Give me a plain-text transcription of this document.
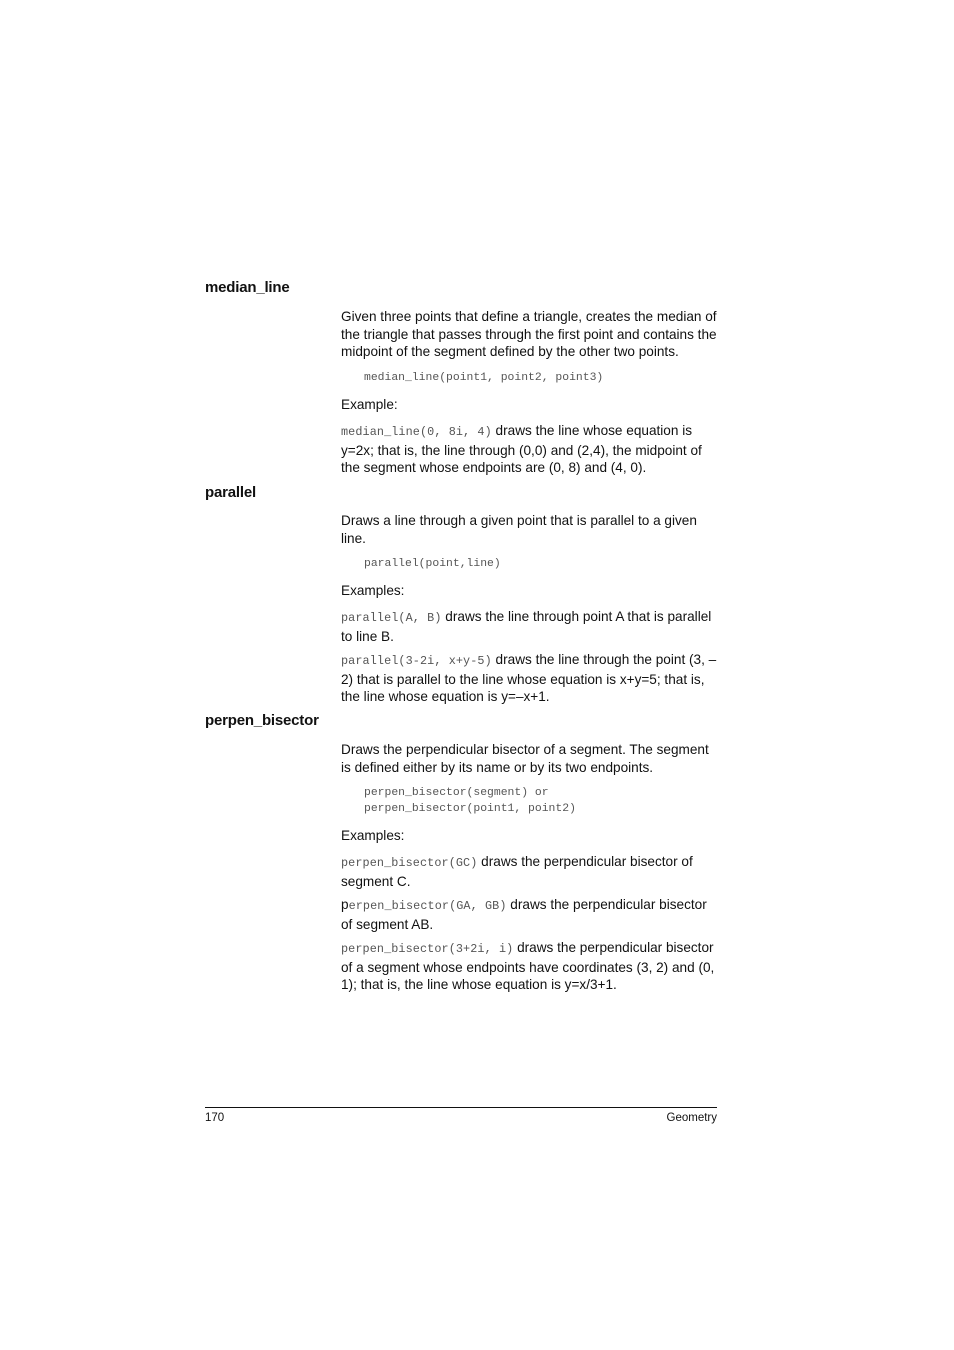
median_line

Given three points that define a triangle, creates the median of the triangle that passes through the first point and contains the midpoint of the segment defined by the other two points.

median_line(point1, point2, point3)

Example:

median_line(0, 8i, 4) draws the line whose equation is y=2x; that is, the line through (0,0) and (2,4), the midpoint of the segment whose endpoints are (0, 8) and (4, 0).

parallel

Draws a line through a given point that is parallel to a given line.

parallel(point,line)

Examples:

parallel(A, B) draws the line through point A that is parallel to line B.

parallel(3-2i, x+y-5) draws the line through the point (3, –2) that is parallel to the line whose equation is x+y=5; that is, the line whose equation is y=–x+1.

perpen_bisector

Draws the perpendicular bisector of a segment. The segment is defined either by its name or by its two endpoints.

perpen_bisector(segment) or

perpen_bisector(point1, point2)

Examples:

perpen_bisector(GC) draws the perpendicular bisector of segment C.

perpen_bisector(GA, GB) draws the perpendicular bisector of segment AB.

perpen_bisector(3+2i, i) draws the perpendicular bisector of a segment whose endpoints have coordinates (3, 2) and (0, 1); that is, the line whose equation is y=x/3+1.

170	Geometry
